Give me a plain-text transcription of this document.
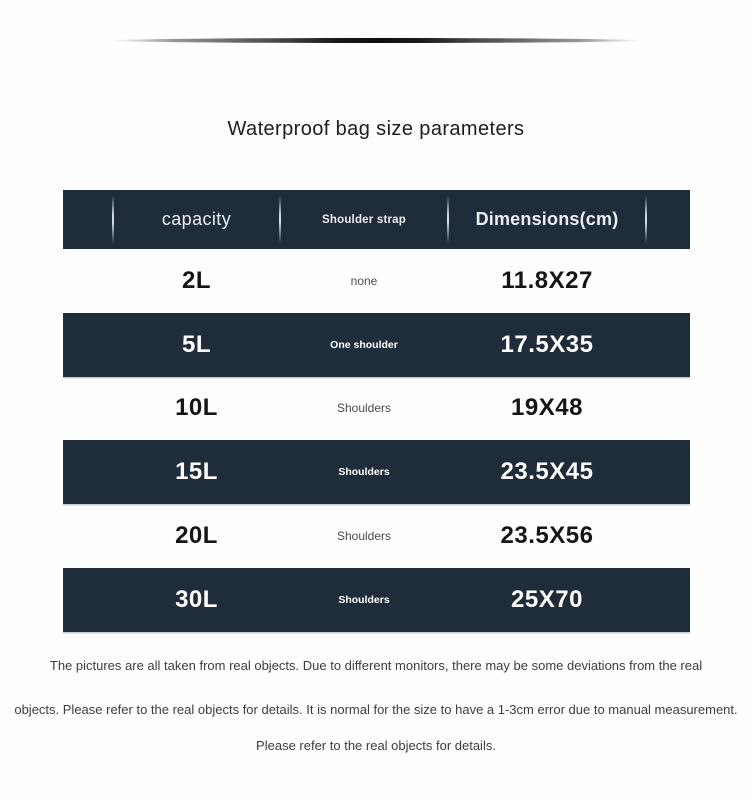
Waterproof bag size parameters
capacity	Shoulder strap	Dimensions(cm)
2L	none	11.8X27
5L	One shoulder	17.5X35
10L	Shoulders	19X48
15L	Shoulders	23.5X45
20L	Shoulders	23.5X56
30L	Shoulders	25X70
The pictures are all taken from real objects. Due to different monitors, there may be some deviations from the real
objects. Please refer to the real objects for details. It is normal for the size to have a 1-3cm error due to manual measurement.
Please refer to the real objects for details.
